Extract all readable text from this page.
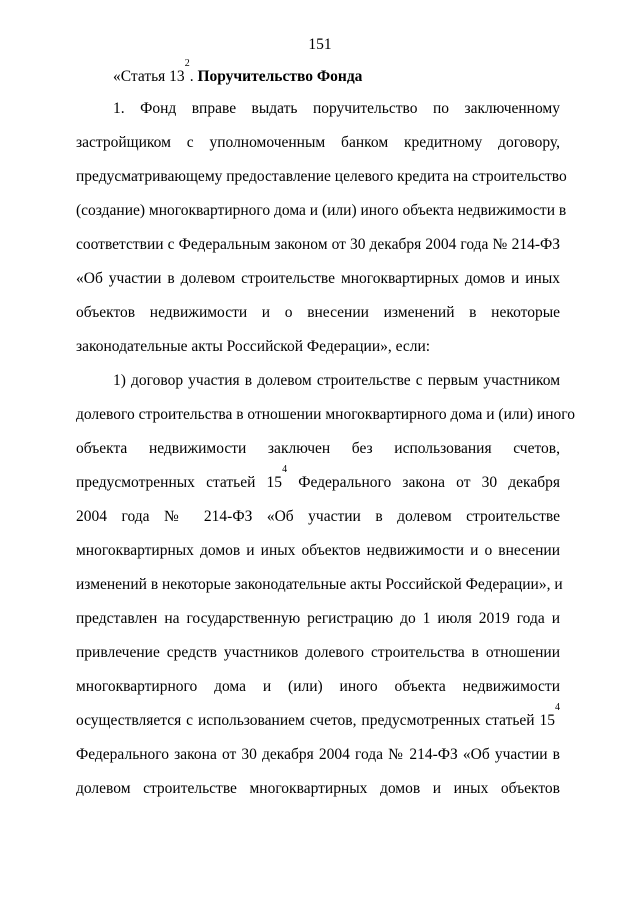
151
«Статья $13^2$. Поручительство Фонда
1. Фонд вправе выдать поручительство по заключенному
застройщиком с уполномоченным банком кредитному договору,
предусматривающему предоставление целевого кредита на строительство
(создание) многоквартирного дома и (или) иного объекта недвижимости в
соответствии с Федеральным законом от 30 декабря 2004 года № 214-ФЗ
«Об участии в долевом строительстве многоквартирных домов и иных
объектов недвижимости и о внесении изменений в некоторые
законодательные акты Российской Федерации», если:
1) договор участия в долевом строительстве с первым участником
долевого строительства в отношении многоквартирного дома и (или) иного
объекта недвижимости заключен без использования счетов,
предусмотренных статьей $15^4$ Федерального закона от 30 декабря
2004 года № 214-ФЗ «Об участии в долевом строительстве
многоквартирных домов и иных объектов недвижимости и о внесении
изменений в некоторые законодательные акты Российской Федерации», и
представлен на государственную регистрацию до 1 июля 2019 года и
привлечение средств участников долевого строительства в отношении
многоквартирного дома и (или) иного объекта недвижимости
осуществляется с использованием счетов, предусмотренных статьей $15^4$
Федерального закона от 30 декабря 2004 года № 214-ФЗ «Об участии в
долевом строительстве многоквартирных домов и иных объектов
